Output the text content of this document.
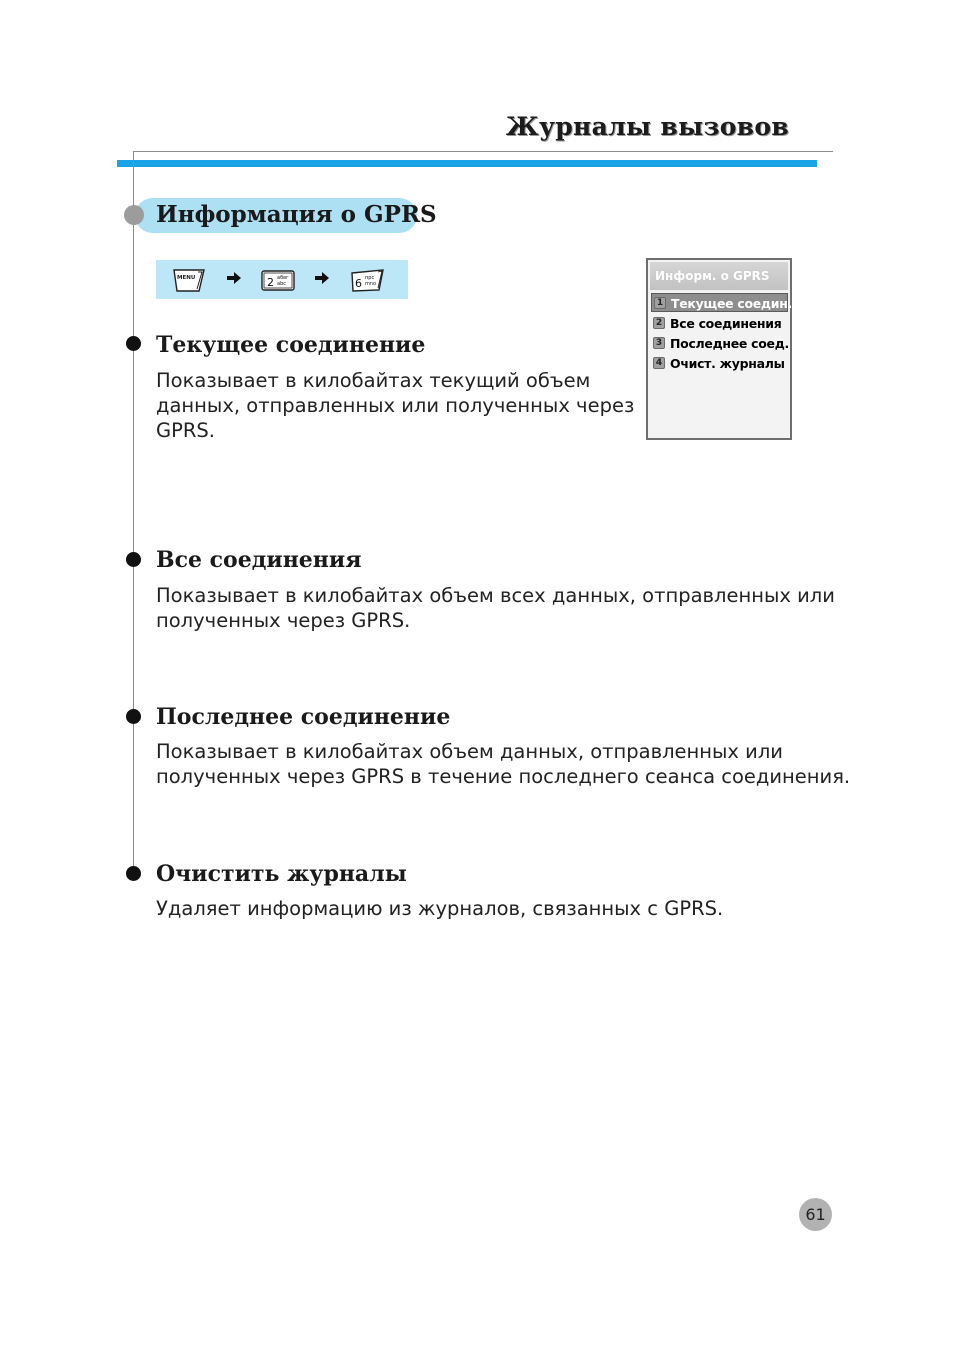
Журналы вызовов
Информация о GPRS
MENU	2 абвг
abc	6 прс
mno
Информ. о GPRS
1 Текущее соедин.
2 Все соединения
3 Последнее соед.
4 Очист. журналы
Текущее соединение
Показывает в килобайтах текущий объем
данных, отправленных или полученных через
GPRS.
Все соединения
Показывает в килобайтах объем всех данных, отправленных или
полученных через GPRS.
Последнее соединение
Показывает в килобайтах объем данных, отправленных или
полученных через GPRS в течение последнего сеанса соединения.
Очистить журналы
Удаляет информацию из журналов, связанных с GPRS.
61
